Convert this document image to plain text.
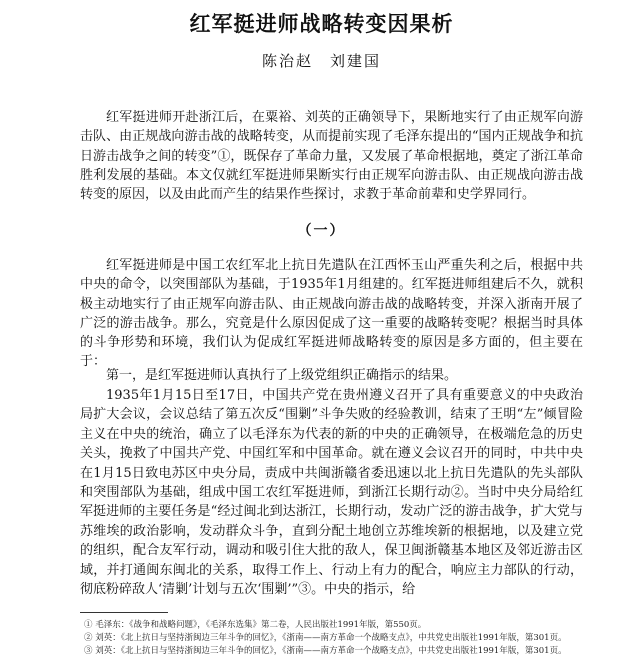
红军挺进师战略转变因果析
陈治赵　刘建国

红军挺进师开赴浙江后，在粟裕、刘英的正确领导下，果断地实行了由正规军向游击队、由正规战向游击战的战略转变，从而提前实现了毛泽东提出的“国内正规战争和抗日游击战争之间的转变”①，既保存了革命力量，又发展了革命根据地，奠定了浙江革命胜利发展的基础。本文仅就红军挺进师果断实行由正规军向游击队、由正规战向游击战转变的原因，以及由此而产生的结果作些探讨，求教于革命前辈和史学界同行。

（一）

红军挺进师是中国工农红军北上抗日先遣队在江西怀玉山严重失利之后，根据中共中央的命令，以突围部队为基础，于1935年1月组建的。红军挺进师组建后不久，就积极主动地实行了由正规军向游击队、由正规战向游击战的战略转变，并深入浙南开展了广泛的游击战争。那么，究竟是什么原因促成了这一重要的战略转变呢？根据当时具体的斗争形势和环境，我们认为促成红军挺进师战略转变的原因是多方面的，但主要在于：

第一，是红军挺进师认真执行了上级党组织正确指示的结果。

1935年1月15日至17日，中国共产党在贵州遵义召开了具有重要意义的中央政治局扩大会议，会议总结了第五次反“围剿”斗争失败的经验教训，结束了王明“左”倾冒险主义在中央的统治，确立了以毛泽东为代表的新的中央的正确领导，在极端危急的历史关头，挽救了中国共产党、中国红军和中国革命。就在遵义会议召开的同时，中共中央在1月15日致电苏区中央分局，责成中共闽浙赣省委迅速以北上抗日先遣队的先头部队和突围部队为基础，组成中国工农红军挺进师，到浙江长期行动②。当时中央分局给红军挺进师的主要任务是“经过闽北到达浙江，长期行动，发动广泛的游击战争，扩大党与苏维埃的政治影响，发动群众斗争，直到分配土地创立苏维埃新的根据地，以及建立党的组织，配合友军行动，调动和吸引住大批的敌人，保卫闽浙赣基本地区及邻近游击区域，并打通闽东闽北的关系，取得工作上、行动上有力的配合，响应主力部队的行动，彻底粉碎敌人‘清剿’计划与五次‘围剿’”③。中央的指示，给

① 毛泽东：《战争和战略问题》，《毛泽东选集》第二卷，人民出版社1991年版，第550页。
② 刘英：《北上抗日与坚持浙闽边三年斗争的回忆》，《浙南——南方革命一个战略支点》，中共党史出版社1991年版，第301页。
③ 刘英：《北上抗日与坚持浙闽边三年斗争的回忆》，《浙南——南方革命一个战略支点》，中共党史出版社1991年版，第301页。
